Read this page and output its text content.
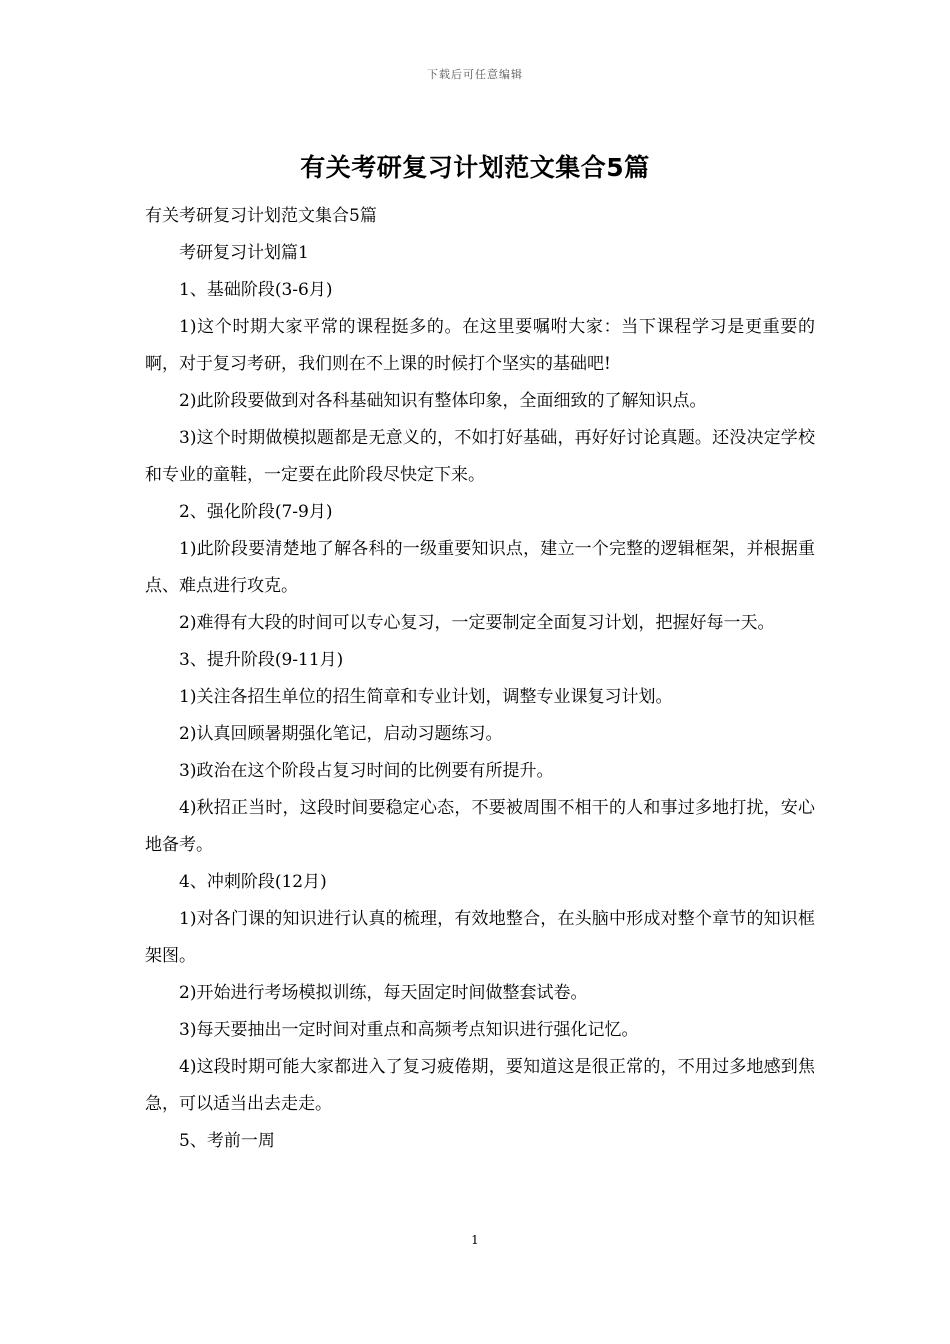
下载后可任意编辑
有关考研复习计划范文集合5篇

有关考研复习计划范文集合5篇

考研复习计划篇1

1、基础阶段(3-6月)

1)这个时期大家平常的课程挺多的。在这里要嘱咐大家：当下课程学习是更重要的啊，对于复习考研，我们则在不上课的时候打个坚实的基础吧!

2)此阶段要做到对各科基础知识有整体印象，全面细致的了解知识点。

3)这个时期做模拟题都是无意义的，不如打好基础，再好好讨论真题。还没决定学校和专业的童鞋，一定要在此阶段尽快定下来。

2、强化阶段(7-9月)

1)此阶段要清楚地了解各科的一级重要知识点，建立一个完整的逻辑框架，并根据重点、难点进行攻克。

2)难得有大段的时间可以专心复习，一定要制定全面复习计划，把握好每一天。

3、提升阶段(9-11月)

1)关注各招生单位的招生简章和专业计划，调整专业课复习计划。

2)认真回顾暑期强化笔记，启动习题练习。

3)政治在这个阶段占复习时间的比例要有所提升。

4)秋招正当时，这段时间要稳定心态，不要被周围不相干的人和事过多地打扰，安心地备考。

4、冲刺阶段(12月)

1)对各门课的知识进行认真的梳理，有效地整合，在头脑中形成对整个章节的知识框架图。

2)开始进行考场模拟训练，每天固定时间做整套试卷。

3)每天要抽出一定时间对重点和高频考点知识进行强化记忆。

4)这段时期可能大家都进入了复习疲倦期，要知道这是很正常的，不用过多地感到焦急，可以适当出去走走。

5、考前一周

1
